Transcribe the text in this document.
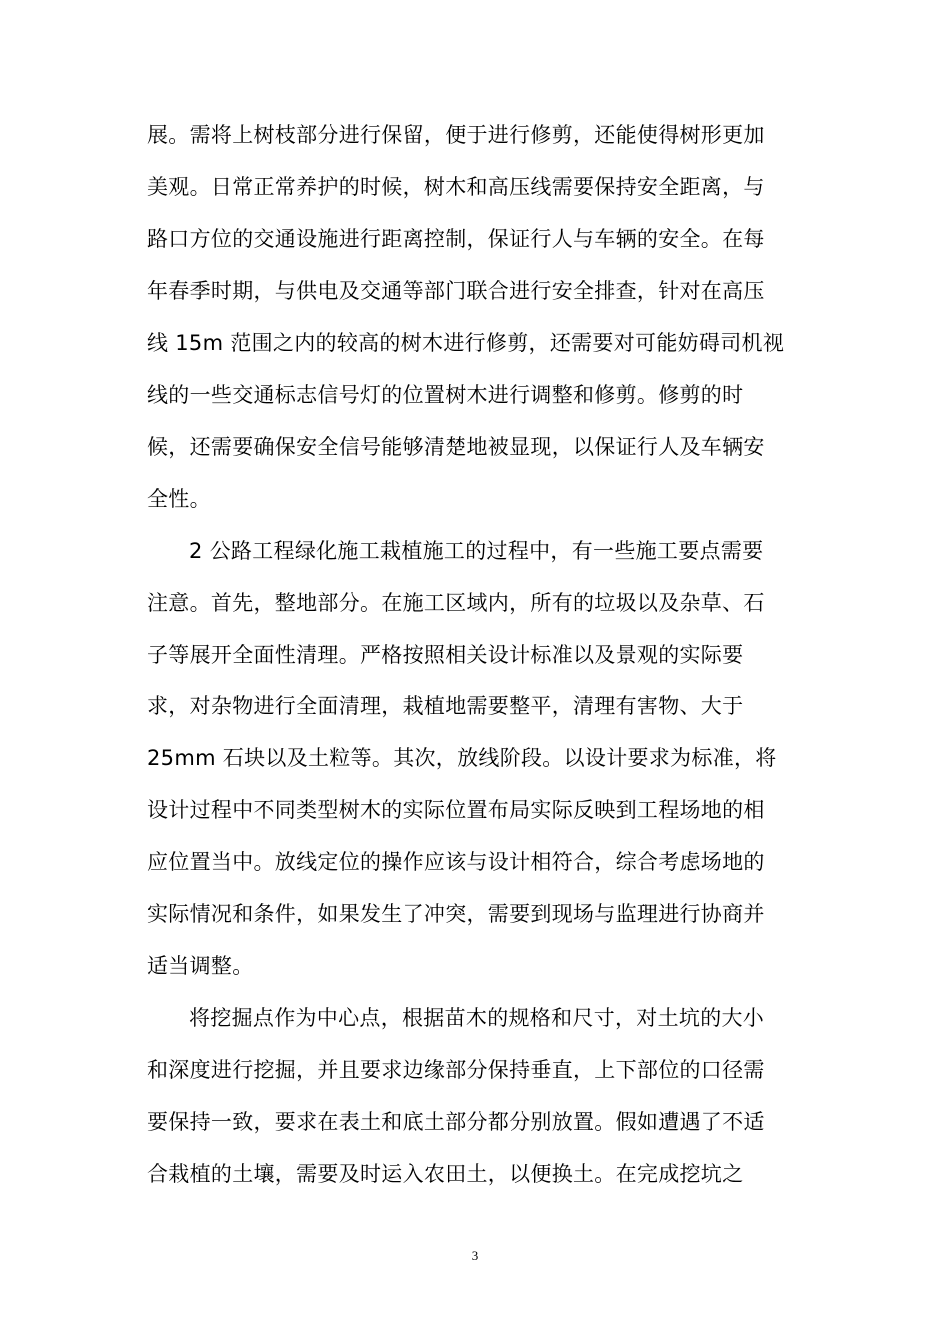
展。需将上树枝部分进行保留，便于进行修剪，还能使得树形更加
美观。日常正常养护的时候，树木和高压线需要保持安全距离，与
路口方位的交通设施进行距离控制，保证行人与车辆的安全。在每
年春季时期，与供电及交通等部门联合进行安全排查，针对在高压
线 15m 范围之内的较高的树木进行修剪，还需要对可能妨碍司机视
线的一些交通标志信号灯的位置树木进行调整和修剪。修剪的时
候，还需要确保安全信号能够清楚地被显现，以保证行人及车辆安
全性。
2 公路工程绿化施工栽植施工的过程中，有一些施工要点需要
注意。首先，整地部分。在施工区域内，所有的垃圾以及杂草、石
子等展开全面性清理。严格按照相关设计标准以及景观的实际要
求，对杂物进行全面清理，栽植地需要整平，清理有害物、大于
25mm 石块以及土粒等。其次，放线阶段。以设计要求为标准，将
设计过程中不同类型树木的实际位置布局实际反映到工程场地的相
应位置当中。放线定位的操作应该与设计相符合，综合考虑场地的
实际情况和条件，如果发生了冲突，需要到现场与监理进行协商并
适当调整。
将挖掘点作为中心点，根据苗木的规格和尺寸，对土坑的大小
和深度进行挖掘，并且要求边缘部分保持垂直，上下部位的口径需
要保持一致，要求在表土和底土部分都分别放置。假如遭遇了不适
合栽植的土壤，需要及时运入农田土，以便换土。在完成挖坑之
3
